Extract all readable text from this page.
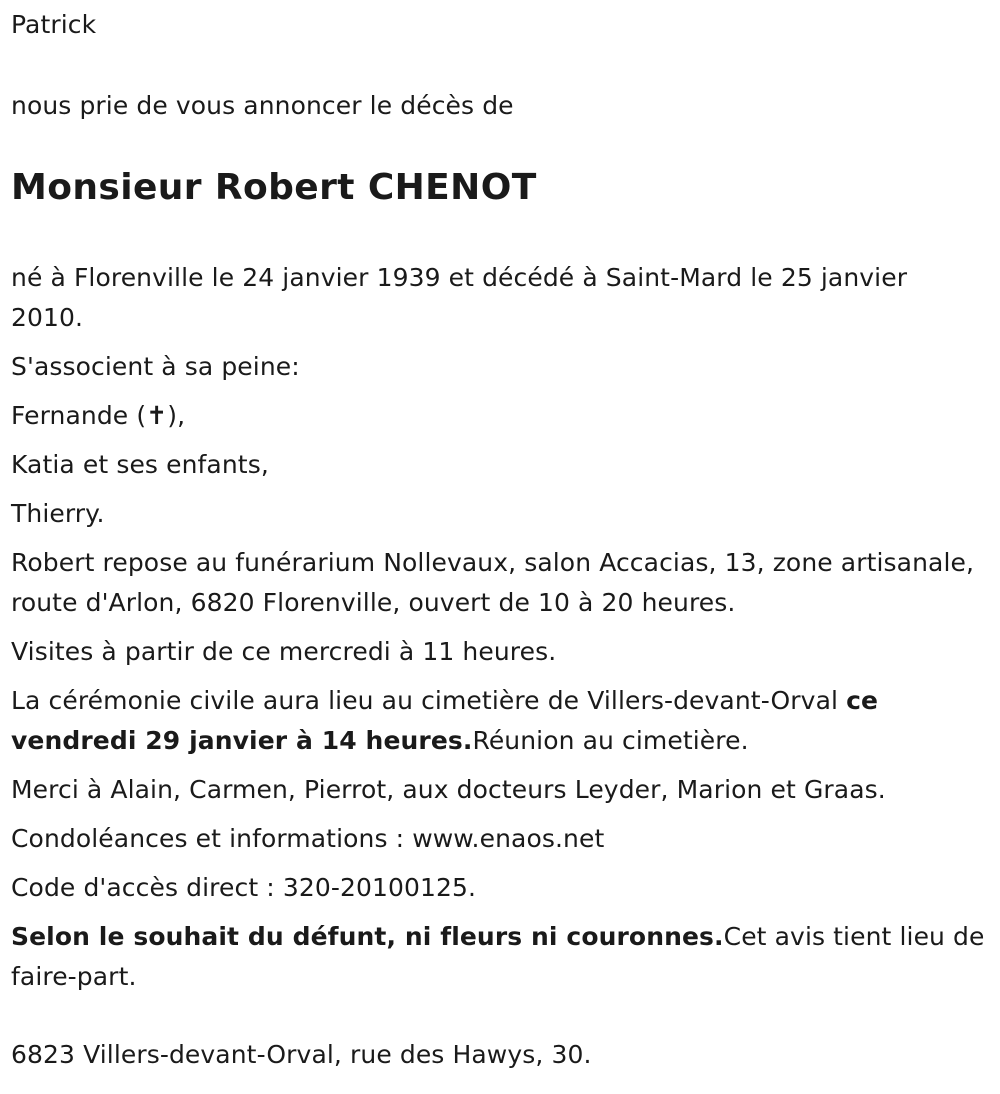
Patrick

nous prie de vous annoncer le décès de

Monsieur Robert CHENOT

né à Florenville le 24 janvier 1939 et décédé à Saint-Mard le 25 janvier 2010.

S'associent à sa peine:

Fernande (✝),

Katia et ses enfants,

Thierry.

Robert repose au funérarium Nollevaux, salon Accacias, 13, zone artisanale, route d'Arlon, 6820 Florenville, ouvert de 10 à 20 heures.

Visites à partir de ce mercredi à 11 heures.

La cérémonie civile aura lieu au cimetière de Villers-devant-Orval ce vendredi 29 janvier à 14 heures.Réunion au cimetière.

Merci à Alain, Carmen, Pierrot, aux docteurs Leyder, Marion et Graas.

Condoléances et informations : www.enaos.net

Code d'accès direct : 320-20100125.

Selon le souhait du défunt, ni fleurs ni couronnes.Cet avis tient lieu de faire-part.

6823 Villers-devant-Orval, rue des Hawys, 30.
